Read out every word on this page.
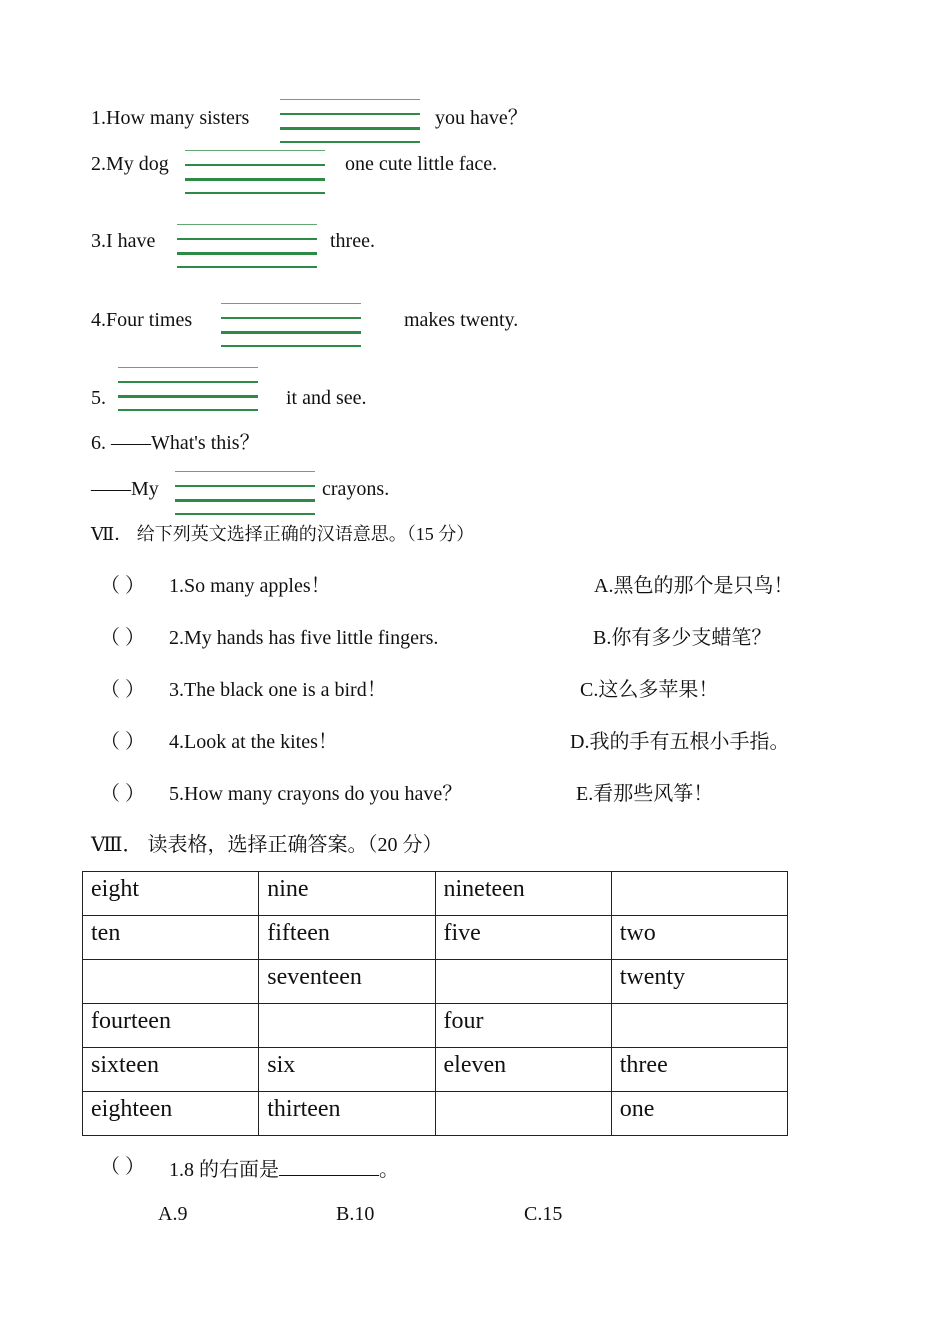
1.How many sisters	you have？
2.My dog	one cute little face.
3.I have	three.
4.Four times	makes twenty.
5.	it and see.
6. ——What's this？
——My	crayons.
Ⅶ． 给下列英文选择正确的汉语意思。（15 分）
（ ） 1.So many apples！	A.黑色的那个是只鸟！
（ ） 2.My hands has five little fingers.	B.你有多少支蜡笔？
（ ） 3.The black one is a bird！	C.这么多苹果！
（ ） 4.Look at the kites！	D.我的手有五根小手指。
（ ） 5.How many crayons do you have？	E.看那些风筝！
Ⅷ． 读表格，选择正确答案。（20 分）
eight	nine	nineteen	
ten	fifteen	five	two
	seventeen		twenty
fourteen		four	
sixteen	six	eleven	three
eighteen	thirteen		one
（ ） 1.8 的右面是	。
A.9	B.10	C.15
